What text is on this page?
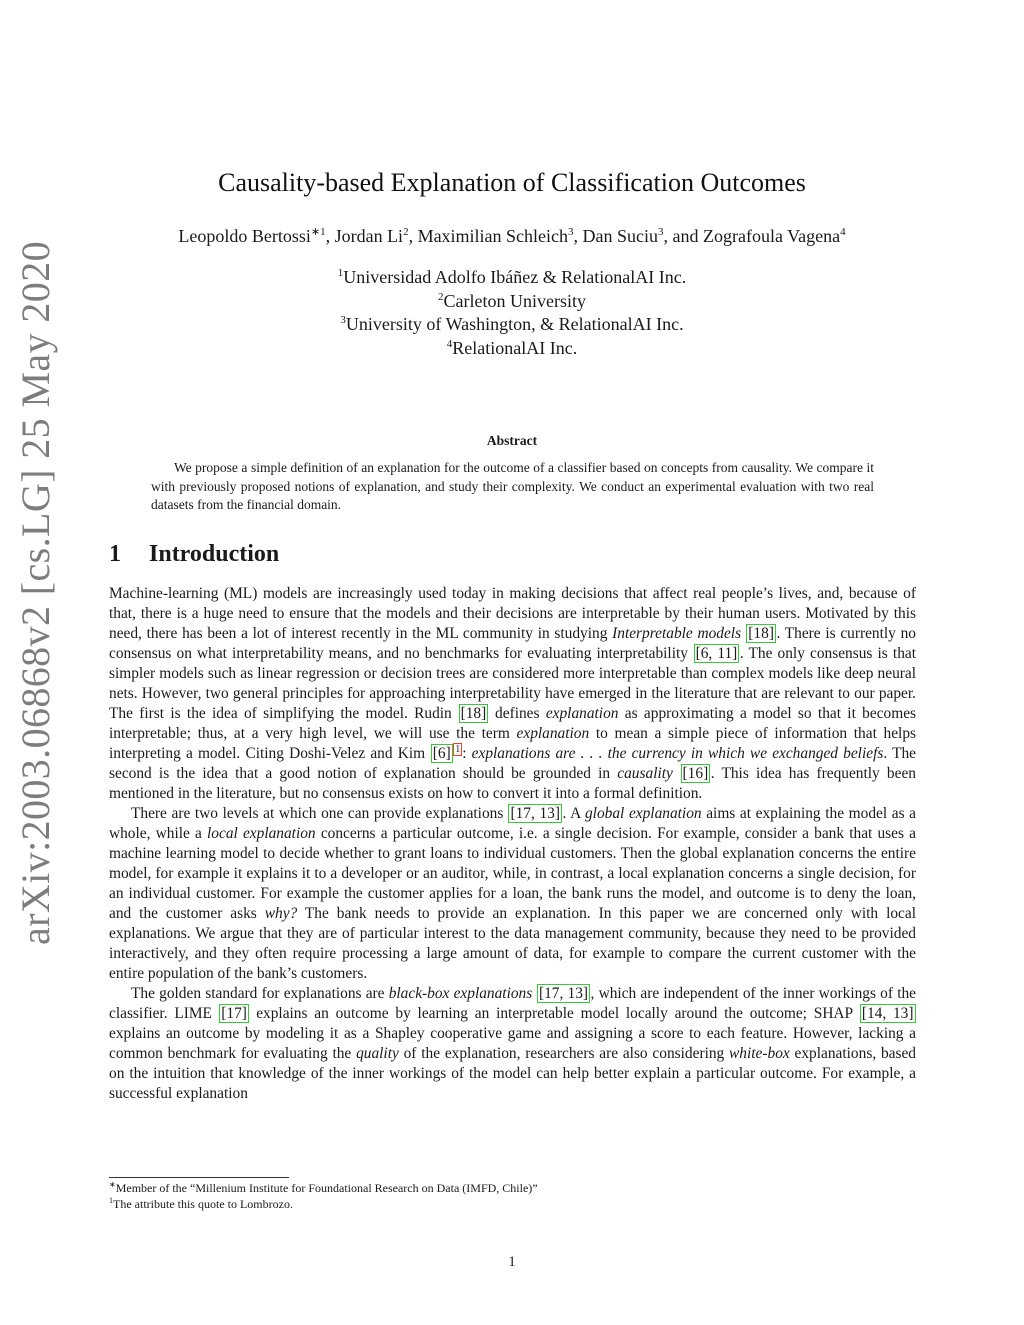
arXiv:2003.06868v2 [cs.LG] 25 May 2020
Causality-based Explanation of Classification Outcomes
Leopoldo Bertossi$^{∗1}$, Jordan Li$^2$, Maximilian Schleich$^3$, Dan Suciu$^3$, and Zografoula Vagena$^4$
$^1$Universidad Adolfo Ibáñez & RelationalAI Inc.
$^2$Carleton University
$^3$University of Washington, & RelationalAI Inc.
$^4$RelationalAI Inc.
Abstract

We propose a simple definition of an explanation for the outcome of a classifier based on concepts from causality. We compare it with previously proposed notions of explanation, and study their complexity. We conduct an experimental evaluation with two real datasets from the financial domain.

1 Introduction

Machine-learning (ML) models are increasingly used today in making decisions that affect real people’s lives, and, because of that, there is a huge need to ensure that the models and their decisions are interpretable by their human users. Motivated by this need, there has been a lot of interest recently in the ML community in studying Interpretable models [18] . There is currently no consensus on what interpretability means, and no benchmarks for evaluating interpretability [6, 11] . The only consensus is that simpler models such as linear regression or decision trees are considered more interpretable than complex models like deep neural nets. However, two general principles for approaching interpretability have emerged in the literature that are relevant to our paper. The first is the idea of simplifying the model. Rudin [18] defines explanation as approximating a model so that it becomes interpretable; thus, at a very high level, we will use the term explanation to mean a simple piece of information that helps interpreting a model. Citing Doshi-Velez and Kim [6] $^1$ : explanations are . . . the currency in which we exchanged beliefs. The second is the idea that a good notion of explanation should be grounded in causality [16] . This idea has frequently been mentioned in the literature, but no consensus exists on how to convert it into a formal definition.

There are two levels at which one can provide explanations [17, 13] . A global explanation aims at explaining the model as a whole, while a local explanation concerns a particular outcome, i.e. a single decision. For example, consider a bank that uses a machine learning model to decide whether to grant loans to individual customers. Then the global explanation concerns the entire model, for example it explains it to a developer or an auditor, while, in contrast, a local explanation concerns a single decision, for an individual customer. For example the customer applies for a loan, the bank runs the model, and outcome is to deny the loan, and the customer asks why? The bank needs to provide an explanation. In this paper we are concerned only with local explanations. We argue that they are of particular interest to the data management community, because they need to be provided interactively, and they often require processing a large amount of data, for example to compare the current customer with the entire population of the bank’s customers.

The golden standard for explanations are black-box explanations [17, 13] , which are independent of the inner workings of the classifier. LIME [17] explains an outcome by learning an interpretable model locally around the outcome; SHAP [14, 13] explains an outcome by modeling it as a Shapley cooperative game and assigning a score to each feature. However, lacking a common benchmark for evaluating the quality of the explanation, researchers are also considering white-box explanations, based on the intuition that knowledge of the inner workings of the model can help better explain a particular outcome. For example, a successful explanation

∗Member of the “Millenium Institute for Foundational Research on Data (IMFD, Chile)”
$^1$The attribute this quote to Lombrozo.
1
